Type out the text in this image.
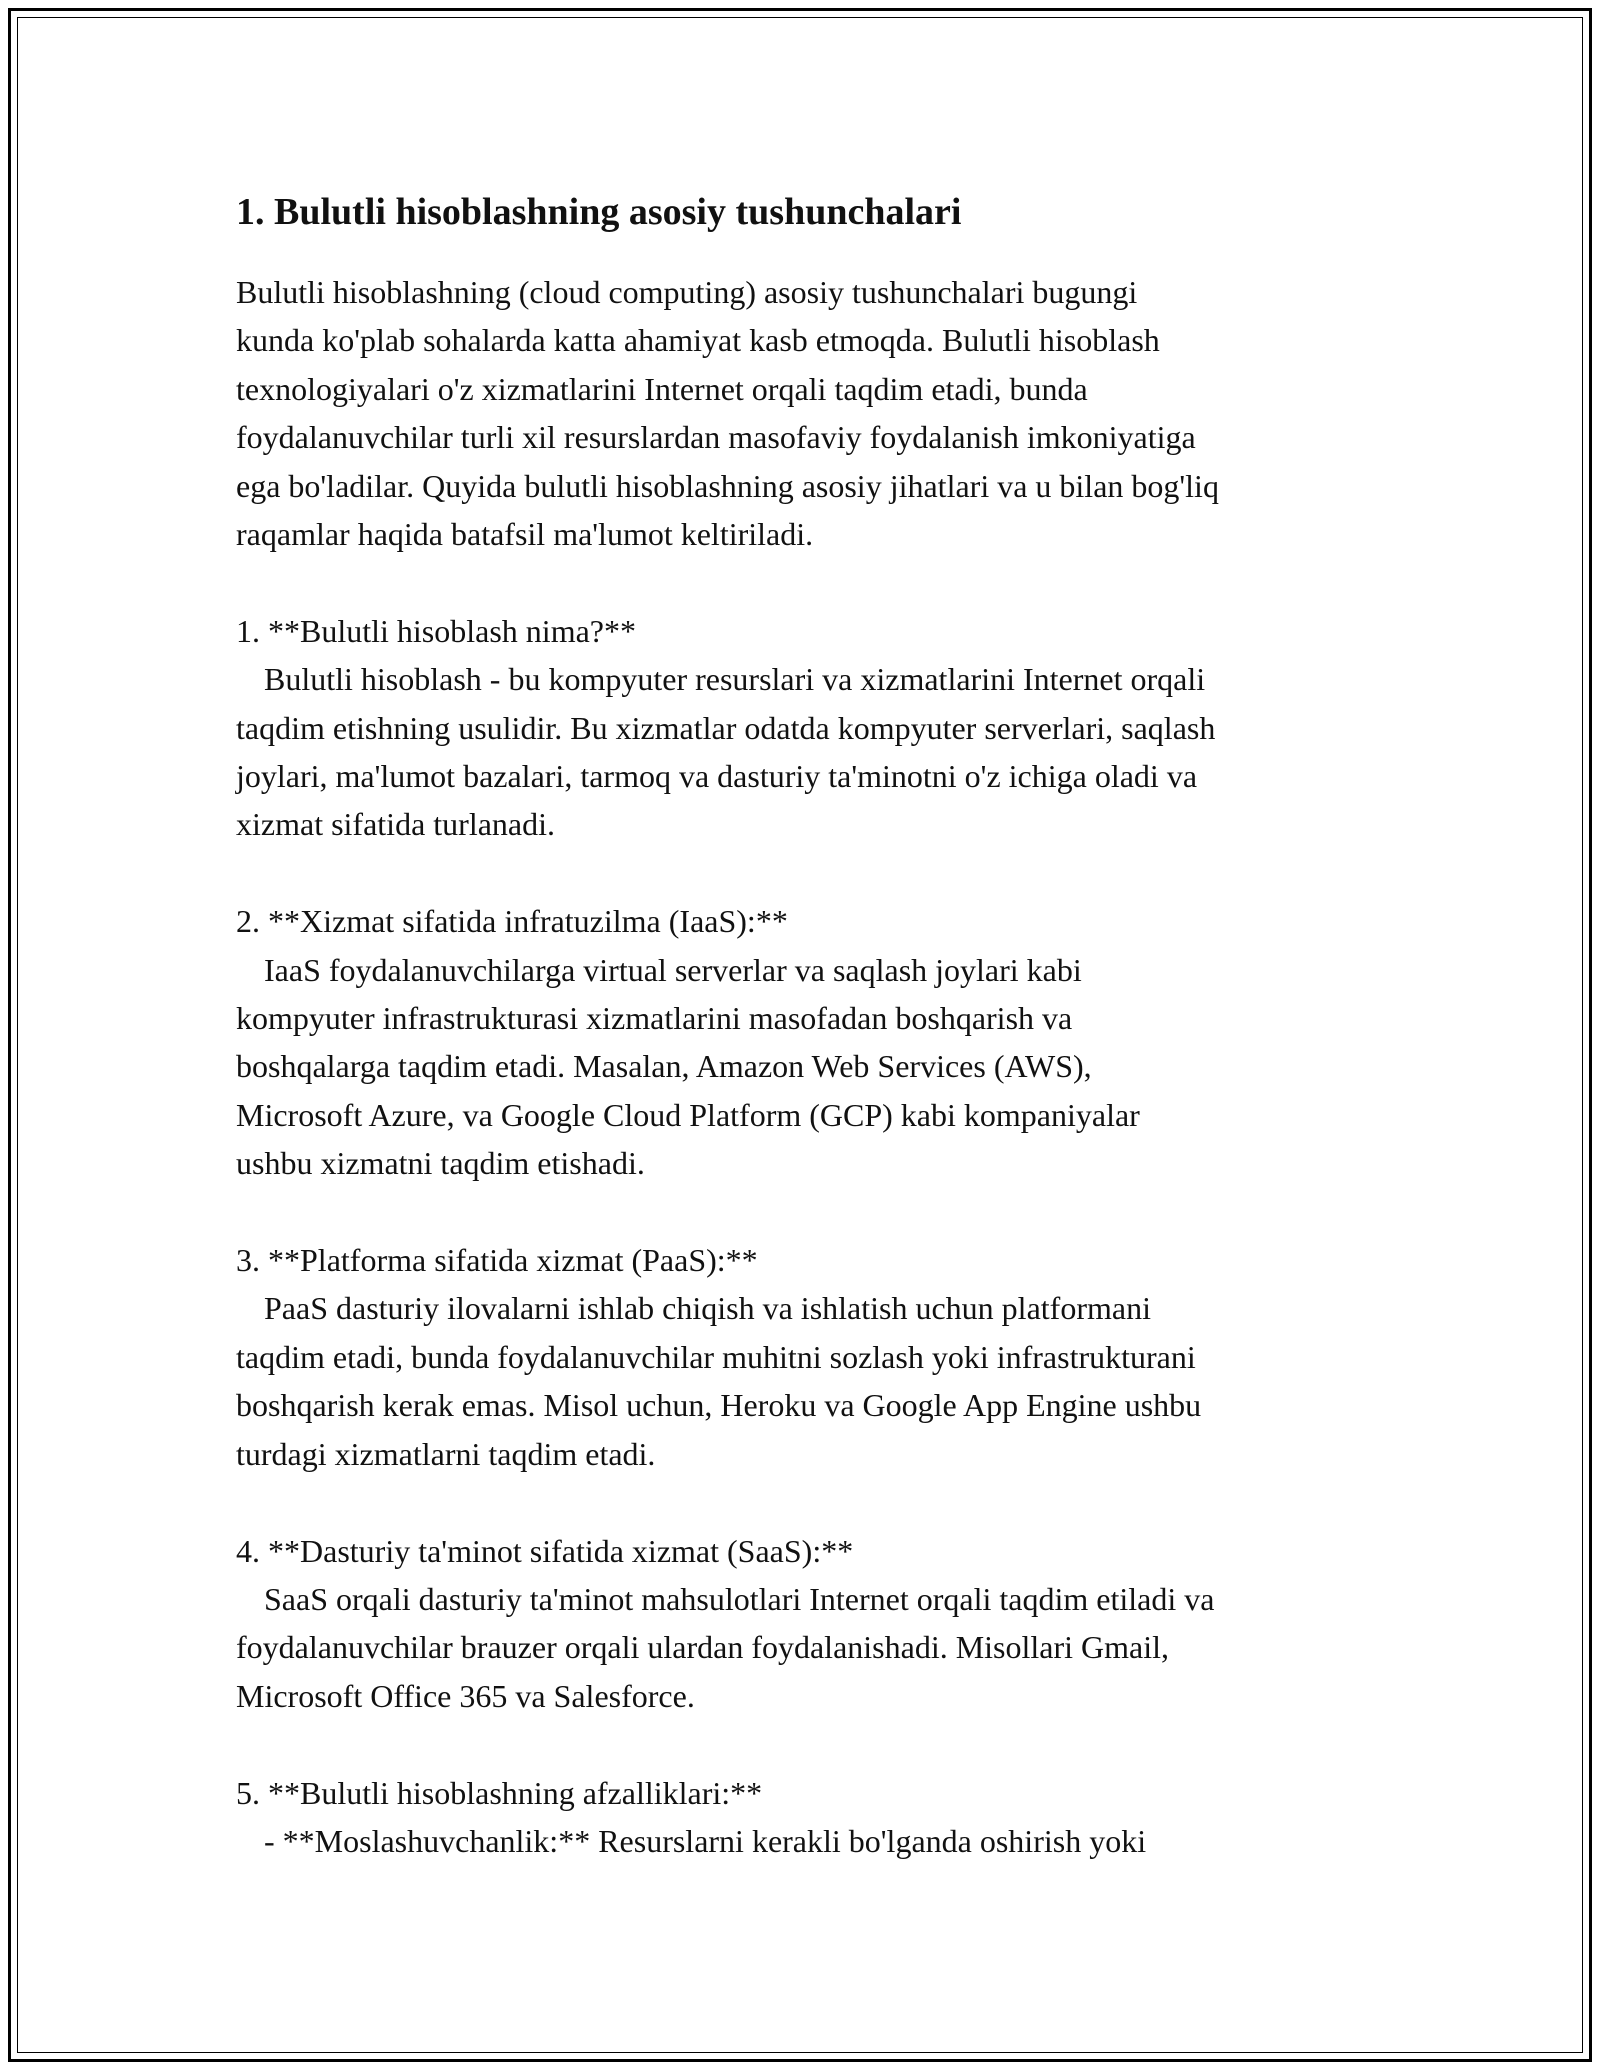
1. Bulutli hisoblashning asosiy tushunchalari
Bulutli hisoblashning (cloud computing) asosiy tushunchalari bugungi
kunda ko'plab sohalarda katta ahamiyat kasb etmoqda. Bulutli hisoblash
texnologiyalari o'z xizmatlarini Internet orqali taqdim etadi, bunda
foydalanuvchilar turli xil resurslardan masofaviy foydalanish imkoniyatiga
ega bo'ladilar. Quyida bulutli hisoblashning asosiy jihatlari va u bilan bog'liq
raqamlar haqida batafsil ma'lumot keltiriladi.
1. **Bulutli hisoblash nima?**
Bulutli hisoblash - bu kompyuter resurslari va xizmatlarini Internet orqali
taqdim etishning usulidir. Bu xizmatlar odatda kompyuter serverlari, saqlash
joylari, ma'lumot bazalari, tarmoq va dasturiy ta'minotni o'z ichiga oladi va
xizmat sifatida turlanadi.
2. **Xizmat sifatida infratuzilma (IaaS):**
IaaS foydalanuvchilarga virtual serverlar va saqlash joylari kabi
kompyuter infrastrukturasi xizmatlarini masofadan boshqarish va
boshqalarga taqdim etadi. Masalan, Amazon Web Services (AWS),
Microsoft Azure, va Google Cloud Platform (GCP) kabi kompaniyalar
ushbu xizmatni taqdim etishadi.
3. **Platforma sifatida xizmat (PaaS):**
PaaS dasturiy ilovalarni ishlab chiqish va ishlatish uchun platformani
taqdim etadi, bunda foydalanuvchilar muhitni sozlash yoki infrastrukturani
boshqarish kerak emas. Misol uchun, Heroku va Google App Engine ushbu
turdagi xizmatlarni taqdim etadi.
4. **Dasturiy ta'minot sifatida xizmat (SaaS):**
SaaS orqali dasturiy ta'minot mahsulotlari Internet orqali taqdim etiladi va
foydalanuvchilar brauzer orqali ulardan foydalanishadi. Misollari Gmail,
Microsoft Office 365 va Salesforce.
5. **Bulutli hisoblashning afzalliklari:**
- **Moslashuvchanlik:** Resurslarni kerakli bo'lganda oshirish yoki
